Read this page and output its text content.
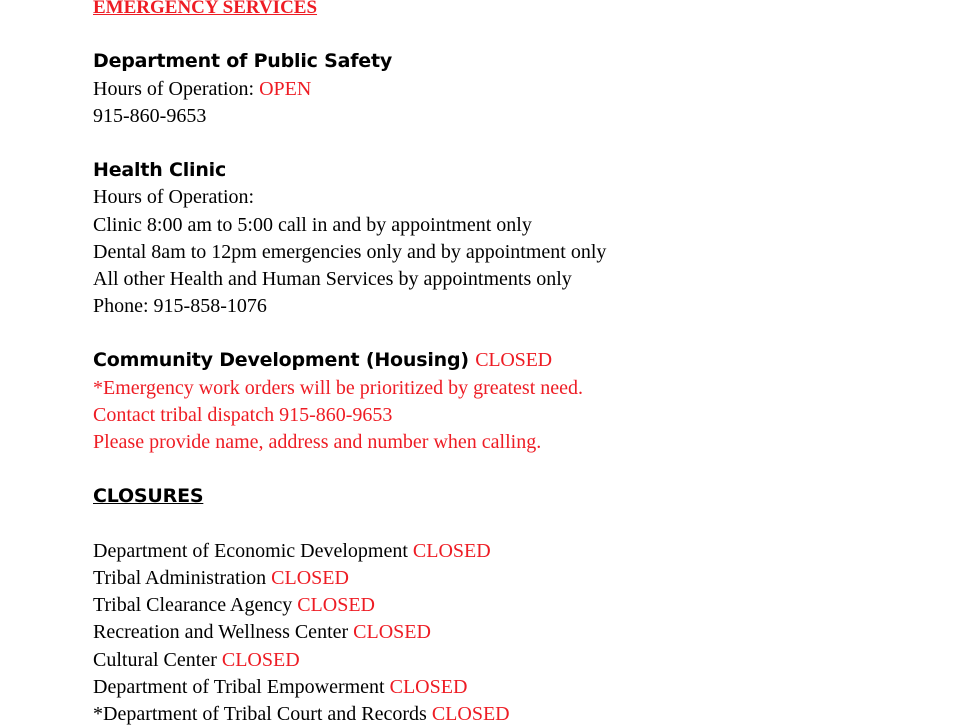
EMERGENCY SERVICES
Department of Public Safety
Hours of Operation: OPEN
915-860-9653
Health Clinic
Hours of Operation:
Clinic 8:00 am to 5:00 call in and by appointment only
Dental 8am to 12pm emergencies only and by appointment only
All other Health and Human Services by appointments only
Phone: 915-858-1076
Community Development (Housing) CLOSED
*Emergency work orders will be prioritized by greatest need.
Contact tribal dispatch 915-860-9653
Please provide name, address and number when calling.
CLOSURES
Department of Economic Development CLOSED
Tribal Administration CLOSED
Tribal Clearance Agency CLOSED
Recreation and Wellness Center CLOSED
Cultural Center CLOSED
Department of Tribal Empowerment CLOSED
*Department of Tribal Court and Records CLOSED
